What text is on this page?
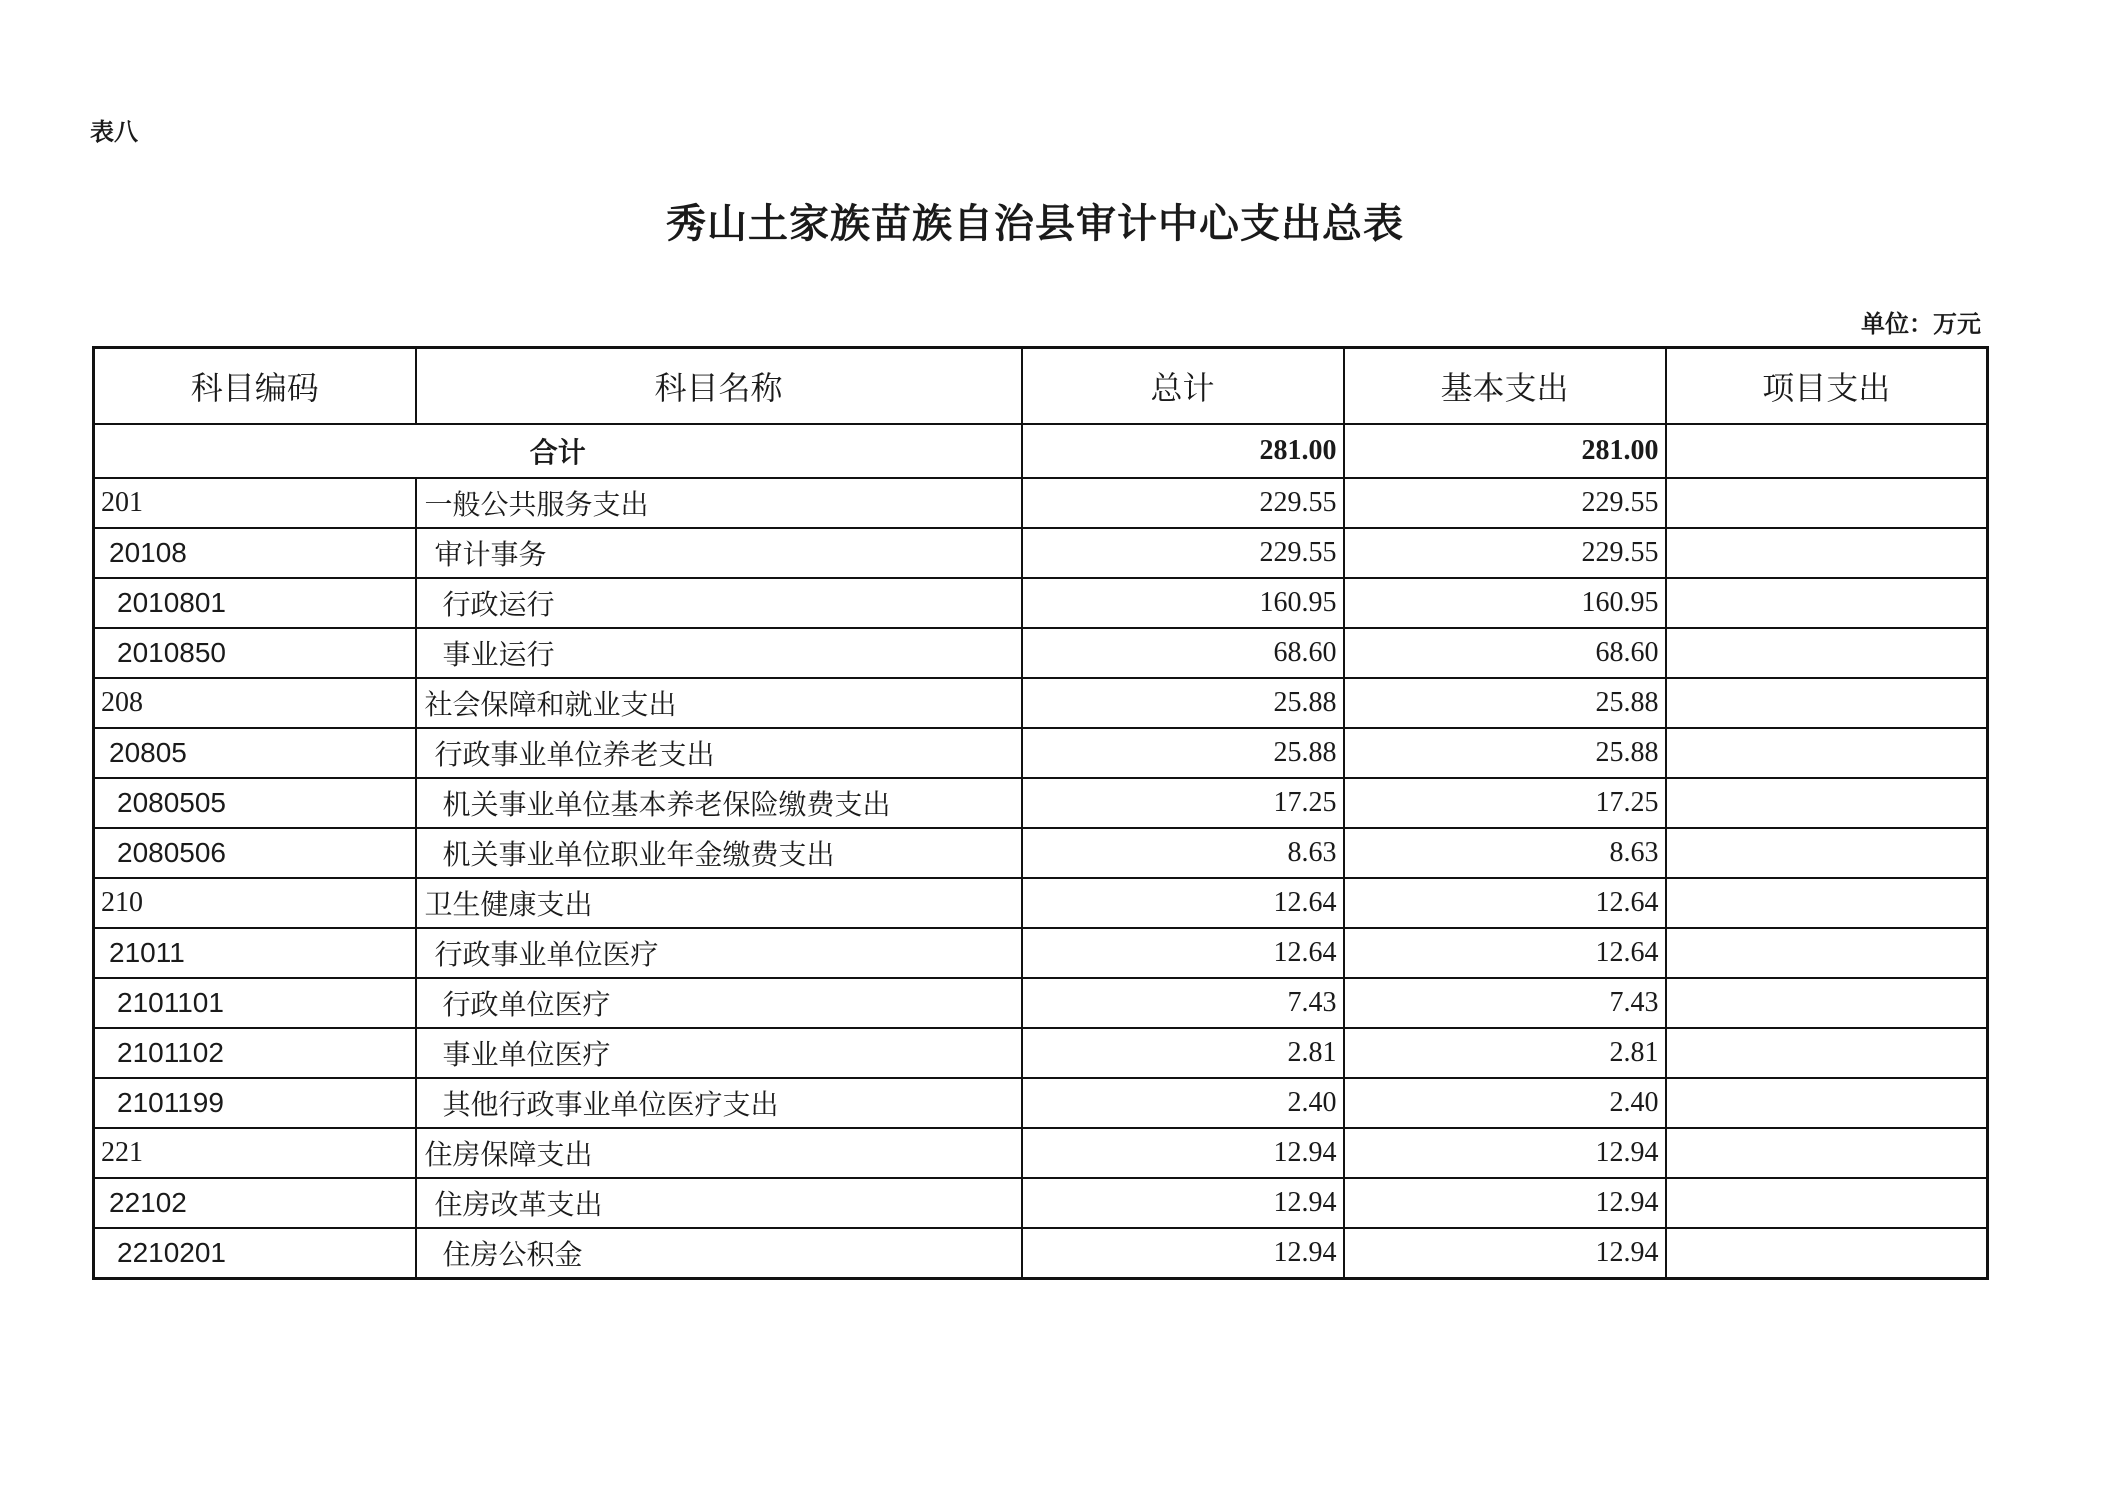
表八
秀山土家族苗族自治县审计中心支出总表
单位：万元
科目编码	科目名称	总计	基本支出	项目支出
合计		281.00	281.00	
201	一般公共服务支出	229.55	229.55	
20108	审计事务	229.55	229.55	
2010801	行政运行	160.95	160.95	
2010850	事业运行	68.60	68.60	
208	社会保障和就业支出	25.88	25.88	
20805	行政事业单位养老支出	25.88	25.88	
2080505	机关事业单位基本养老保险缴费支出	17.25	17.25	
2080506	机关事业单位职业年金缴费支出	8.63	8.63	
210	卫生健康支出	12.64	12.64	
21011	行政事业单位医疗	12.64	12.64	
2101101	行政单位医疗	7.43	7.43	
2101102	事业单位医疗	2.81	2.81	
2101199	其他行政事业单位医疗支出	2.40	2.40	
221	住房保障支出	12.94	12.94	
22102	住房改革支出	12.94	12.94	
2210201	住房公积金	12.94	12.94	
